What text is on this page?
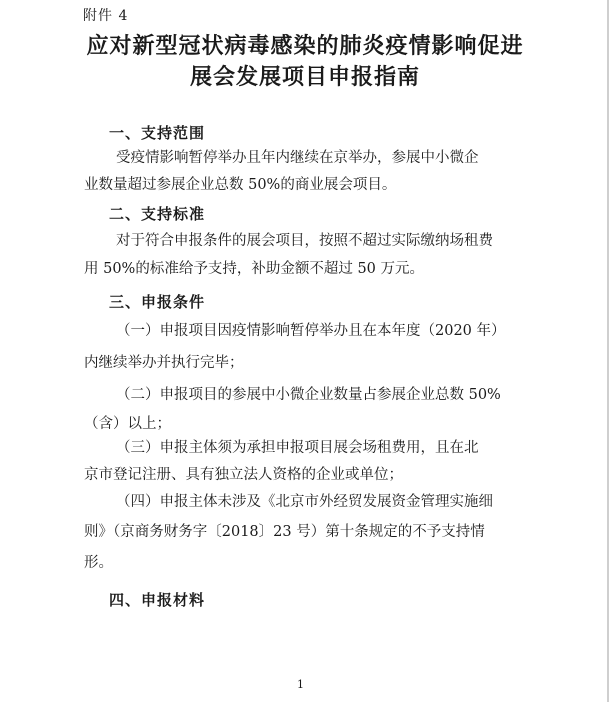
附件 4
应对新型冠状病毒感染的肺炎疫情影响促进
展会发展项目申报指南
一、支持范围
受疫情影响暂停举办且年内继续在京举办，参展中小微企
业数量超过参展企业总数 50%的商业展会项目。
二、支持标准
对于符合申报条件的展会项目，按照不超过实际缴纳场租费
用 50%的标准给予支持，补助金额不超过 50 万元。
三、申报条件
（一）申报项目因疫情影响暂停举办且在本年度（2020 年）
内继续举办并执行完毕；
（二）申报项目的参展中小微企业数量占参展企业总数 50%
（含）以上；
（三）申报主体须为承担申报项目展会场租费用，且在北
京市登记注册、具有独立法人资格的企业或单位；
（四）申报主体未涉及《北京市外经贸发展资金管理实施细
则》（京商务财务字〔2018〕23 号）第十条规定的不予支持情
形。
四、申报材料
1
